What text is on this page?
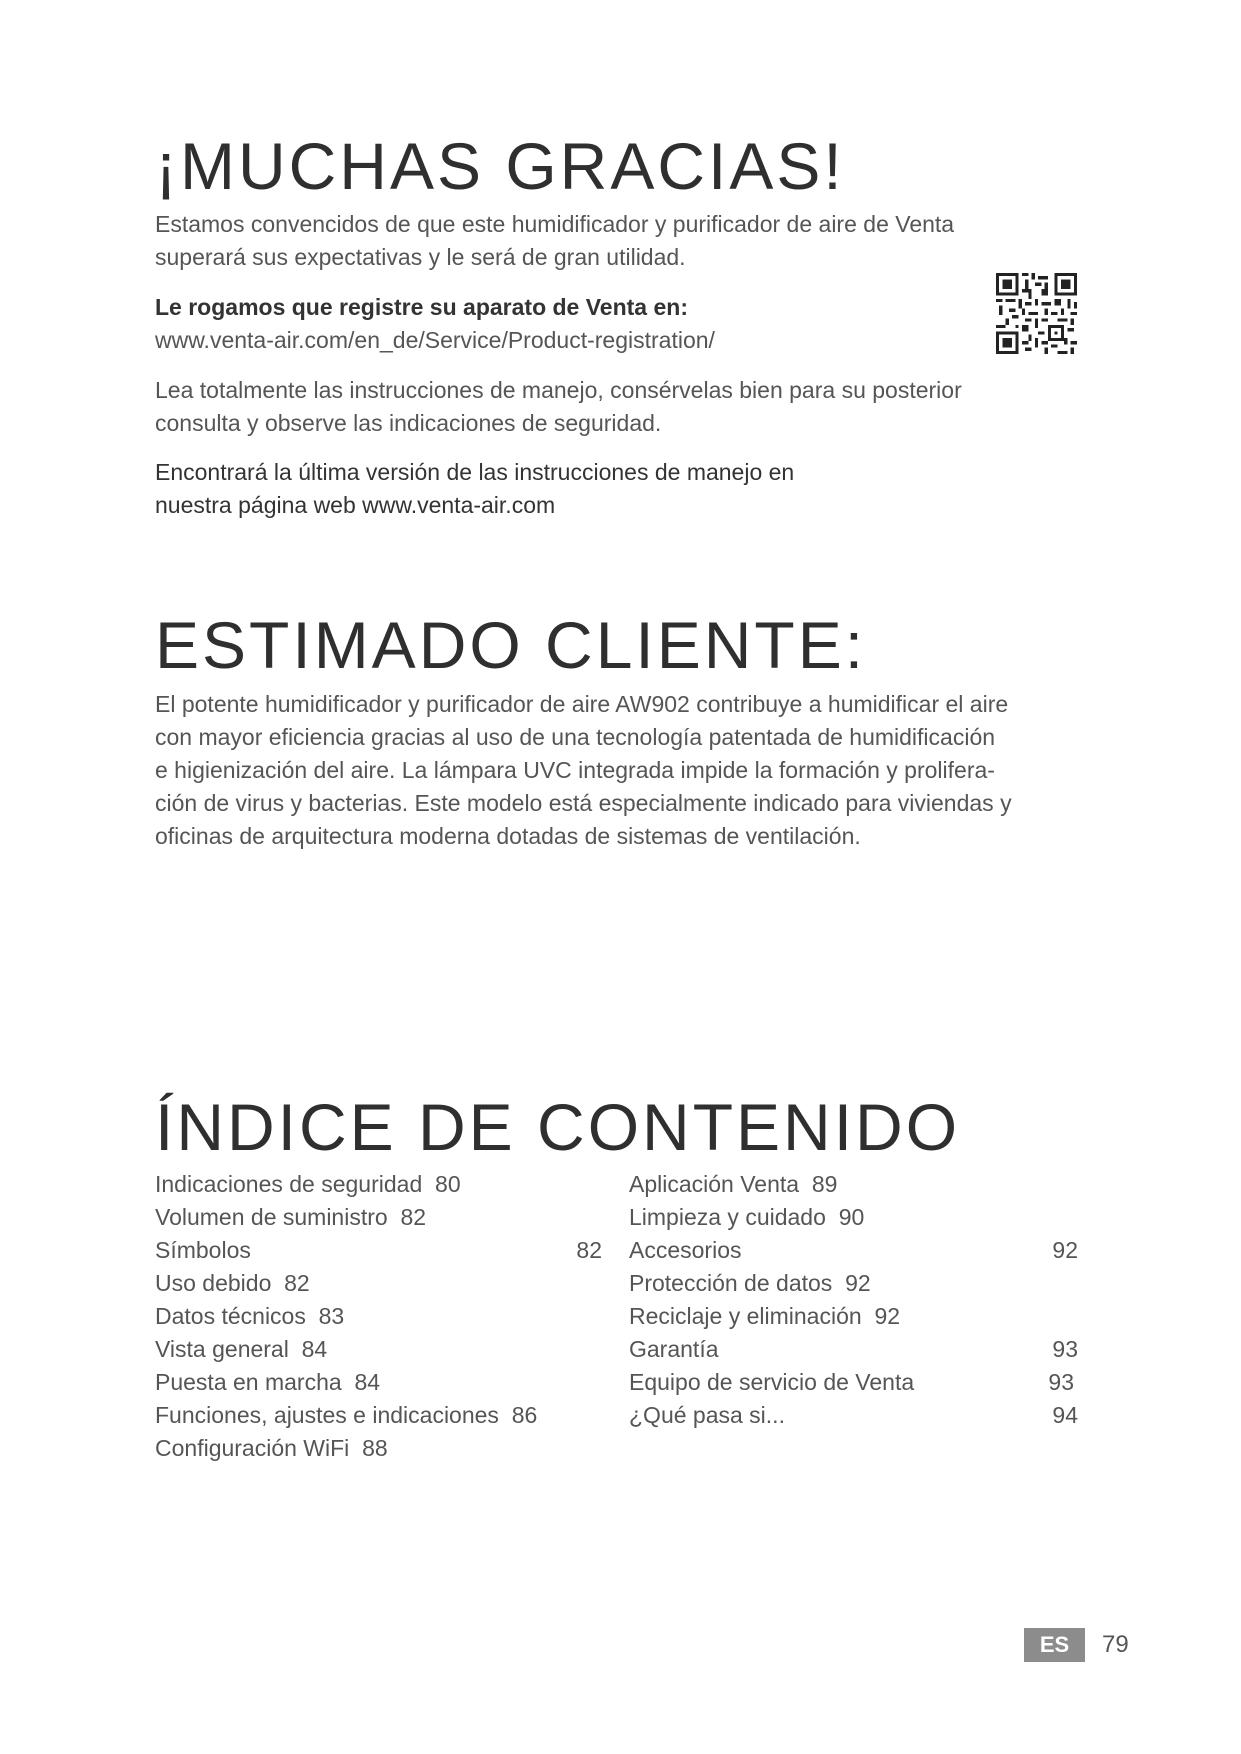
¡MUCHAS GRACIAS!
Estamos convencidos de que este humidificador y purificador de aire de Venta
superará sus expectativas y le será de gran utilidad.
Le rogamos que registre su aparato de Venta en:
www.venta-air.com/en_de/Service/Product-registration/
Lea totalmente las instrucciones de manejo, consérvelas bien para su posterior
consulta y observe las indicaciones de seguridad.
Encontrará la última versión de las instrucciones de manejo en
nuestra página web www.venta-air.com
ESTIMADO CLIENTE:
El potente humidificador y purificador de aire AW902 contribuye a humidificar el aire
con mayor eficiencia gracias al uso de una tecnología patentada de humidificación
e higienización del aire. La lámpara UVC integrada impide la formación y prolifera-
ción de virus y bacterias. Este modelo está especialmente indicado para viviendas y
oficinas de arquitectura moderna dotadas de sistemas de ventilación.
ÍNDICE DE CONTENIDO
Indicaciones de seguridad 80
Volumen de suministro 82
Símbolos	82
Uso debido 82
Datos técnicos 83
Vista general 84
Puesta en marcha 84
Funciones, ajustes e indicaciones 86
Configuración WiFi 88
Aplicación Venta 89
Limpieza y cuidado 90
Accesorios	92
Protección de datos 92
Reciclaje y eliminación 92
Garantía	93
Equipo de servicio de Venta	93
¿Qué pasa si...	94
ES	79
